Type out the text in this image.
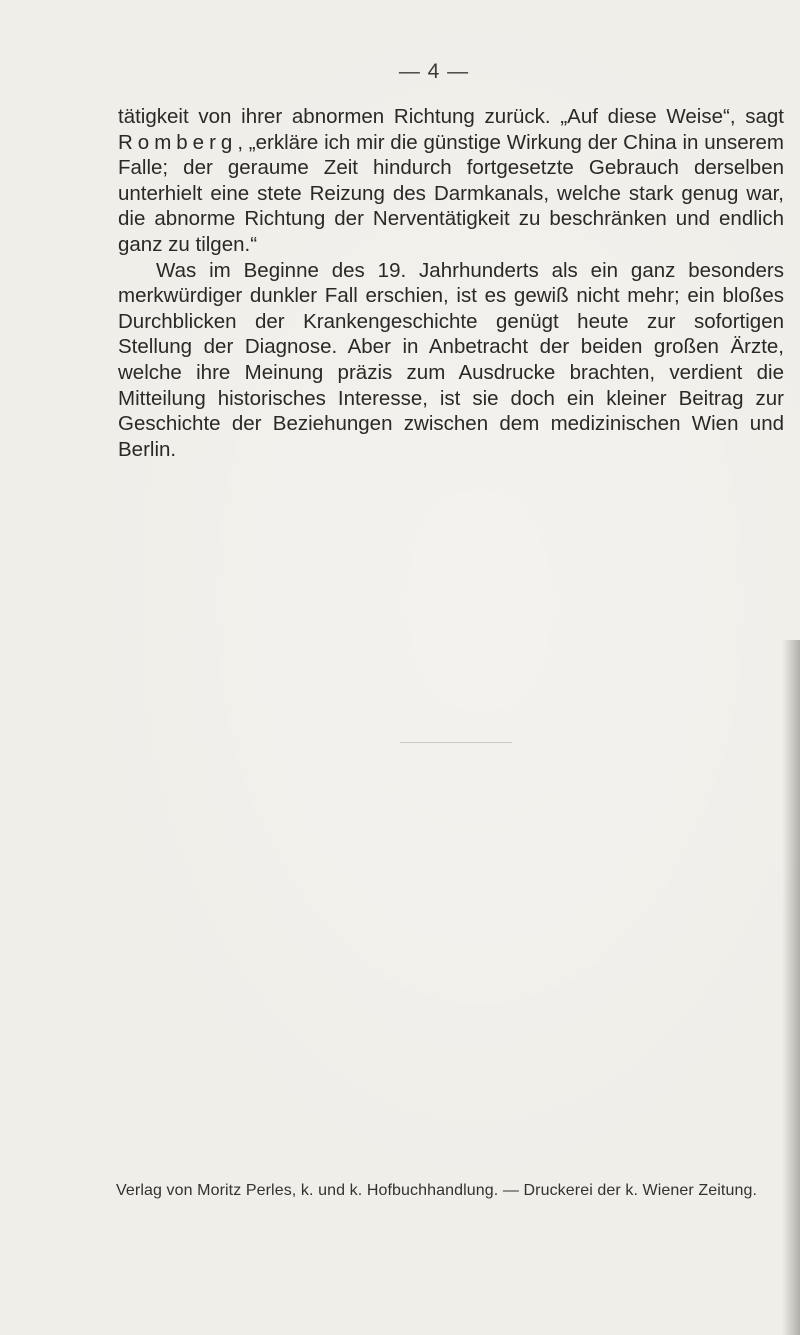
— 4 —

tätigkeit von ihrer abnormen Richtung zurück. „Auf diese Weise“, sagt Romberg, „erkläre ich mir die günstige Wirkung der China in unserem Falle; der geraume Zeit hindurch fortgesetzte Gebrauch derselben unterhielt eine stete Reizung des Darmkanals, welche stark genug war, die abnorme Richtung der Nerventätigkeit zu beschränken und endlich ganz zu tilgen.“

Was im Beginne des 19. Jahrhunderts als ein ganz besonders merkwürdiger dunkler Fall erschien, ist es gewiß nicht mehr; ein bloßes Durchblicken der Krankengeschichte genügt heute zur sofortigen Stellung der Diagnose. Aber in Anbetracht der beiden großen Ärzte, welche ihre Meinung präzis zum Ausdrucke brachten, verdient die Mitteilung historisches Interesse, ist sie doch ein kleiner Beitrag zur Geschichte der Beziehungen zwischen dem medizinischen Wien und Berlin.

Verlag von Moritz Perles, k. und k. Hofbuchhandlung. — Druckerei der k. Wiener Zeitung.
